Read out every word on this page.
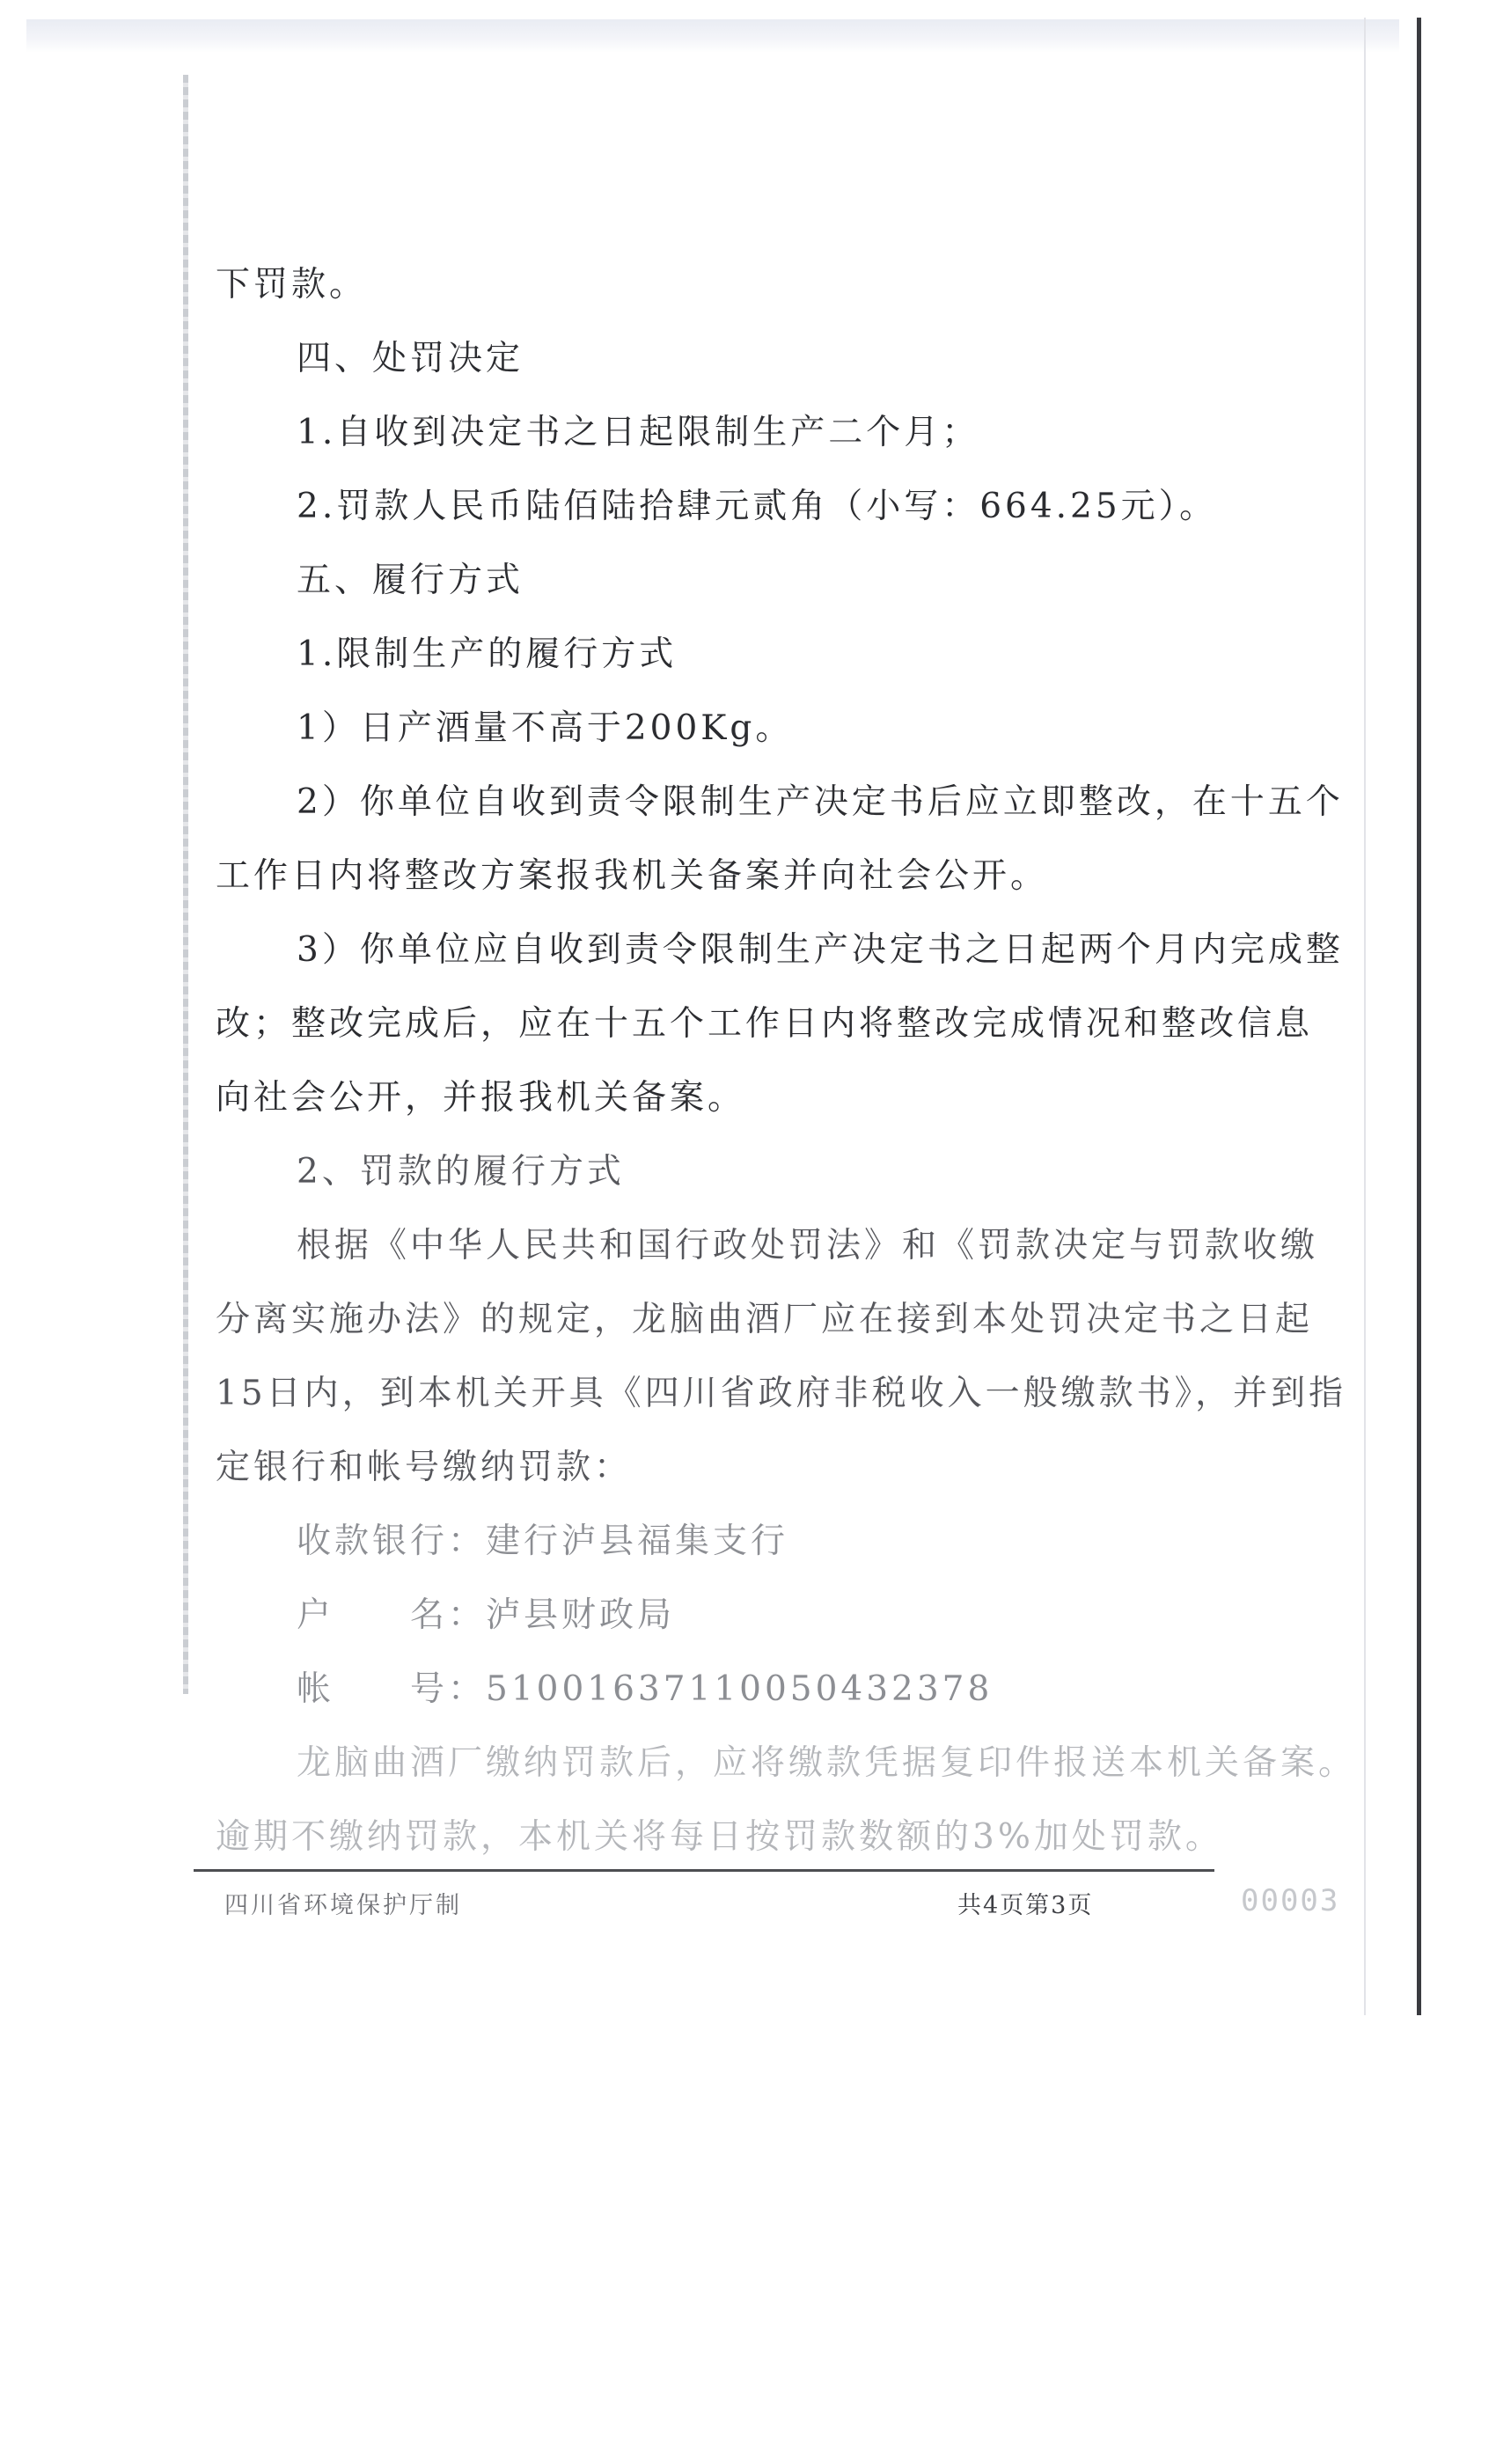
下罚款。
四、处罚决定
1.自收到决定书之日起限制生产二个月；
2.罚款人民币陆佰陆拾肆元贰角（小写：664.25元）。
五、履行方式
1.限制生产的履行方式
1）日产酒量不高于200Kg。
2）你单位自收到责令限制生产决定书后应立即整改，在十五个
工作日内将整改方案报我机关备案并向社会公开。
3）你单位应自收到责令限制生产决定书之日起两个月内完成整
改；整改完成后，应在十五个工作日内将整改完成情况和整改信息
向社会公开，并报我机关备案。
2、罚款的履行方式
根据《中华人民共和国行政处罚法》和《罚款决定与罚款收缴
分离实施办法》的规定，龙脑曲酒厂应在接到本处罚决定书之日起
15日内，到本机关开具《四川省政府非税收入一般缴款书》，并到指
定银行和帐号缴纳罚款：
收款银行：建行泸县福集支行
户　　名：泸县财政局
帐　　号：510016371100504323​78
龙脑曲酒厂缴纳罚款后，应将缴款凭据复印件报送本机关备案。
逾期不缴纳罚款，本机关将每日按罚款数额的3%加处罚款。
四川省环境保护厅制	共4页第3页	00003
